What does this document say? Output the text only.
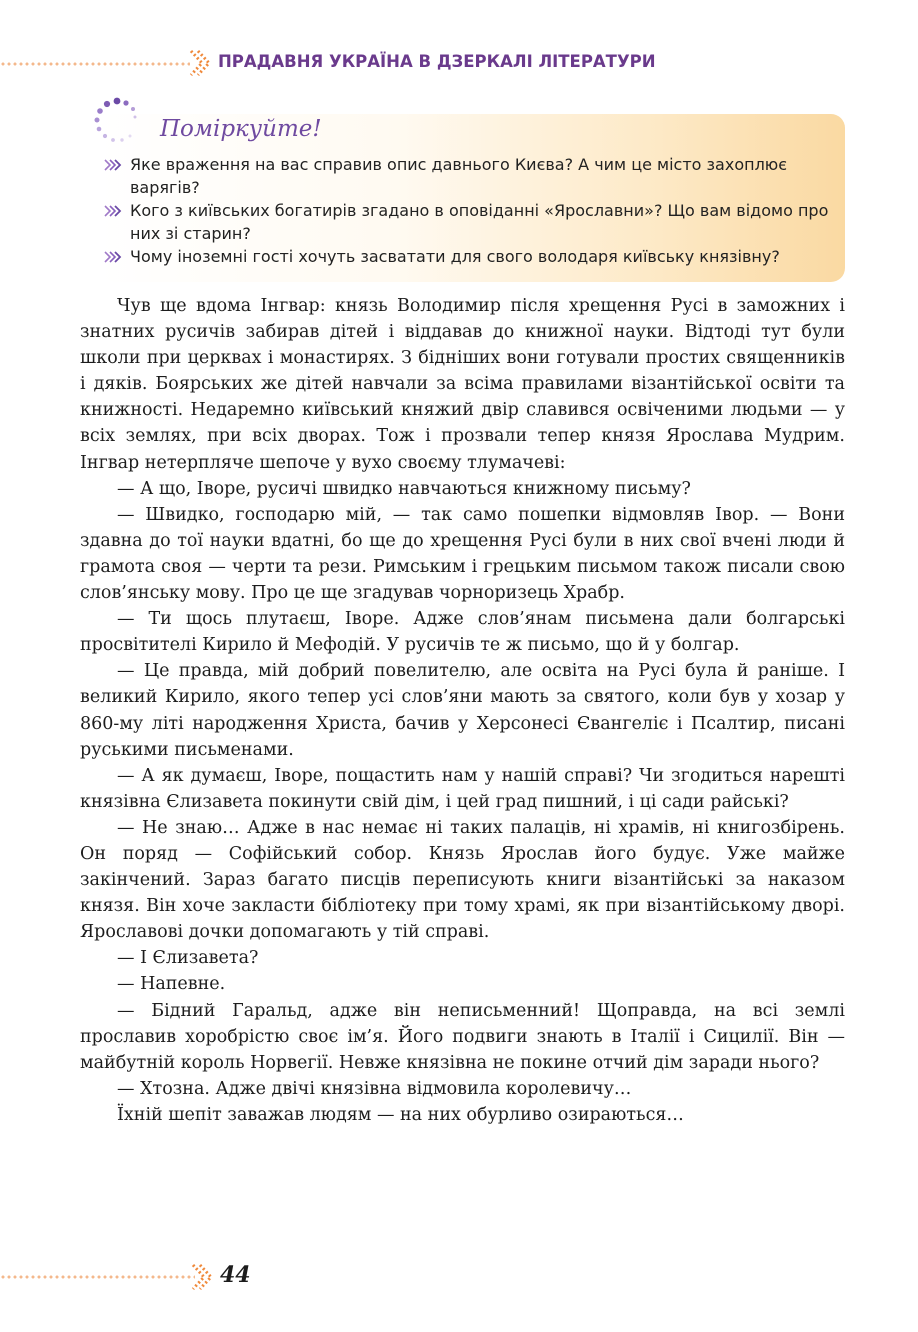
ПРАДАВНЯ УКРАЇНА В ДЗЕРКАЛІ ЛІТЕРАТУРИ
Поміркуйте!
Яке враження на вас справив опис давнього Києва? А чим це місто захоплює варягів?
Кого з київських богатирів згадано в оповіданні «Ярославни»? Що вам відомо про них зі старин?
Чому іноземні гості хочуть засватати для свого володаря київську князівну?

Чув ще вдома Інгвар: князь Володимир після хрещення Русі в заможних і знатних русичів забирав дітей і віддавав до книжної науки. Відтоді тут були школи при церквах і монастирях. З бідніших вони готували простих священників і дяків. Боярських же дітей навчали за всіма правилами візантійської освіти та книжності. Недаремно київський княжий двір славився освіченими людьми — у всіх землях, при всіх дворах. Тож і прозвали тепер князя Ярослава Мудрим. Інгвар нетерпляче шепоче у вухо своєму тлумачеві:

— А що, Іворе, русичі швидко навчаються книжному письму?

— Швидко, господарю мій, — так само пошепки відмовляв Івор. — Вони здавна до тої науки вдатні, бо ще до хрещення Русі були в них свої вчені люди й грамота своя — черти та рези. Римським і грецьким письмом також писали свою слов’янську мову. Про це ще згадував чорноризець Храбр.

— Ти щось плутаєш, Іворе. Адже слов’янам письмена дали болгарські просвітителі Кирило й Мефодій. У русичів те ж письмо, що й у болгар.

— Це правда, мій добрий повелителю, але освіта на Русі була й раніше. І великий Кирило, якого тепер усі слов’яни мають за святого, коли був у хозар у 860-му літі народження Христа, бачив у Херсонесі Євангеліє і Псалтир, писані руськими письменами.

— А як думаєш, Іворе, пощастить нам у нашій справі? Чи згодиться нарешті князівна Єлизавета покинути свій дім, і цей град пишний, і ці сади райські?

— Не знаю… Адже в нас немає ні таких палаців, ні храмів, ні книгозбірень. Он поряд — Софійський собор. Князь Ярослав його будує. Уже майже закінчений. Зараз багато писців переписують книги візантійські за наказом князя. Він хоче закласти бібліотеку при тому храмі, як при візантійському дворі. Ярославові дочки допомагають у тій справі.

— І Єлизавета?

— Напевне.

— Бідний Гаральд, адже він неписьменний! Щоправда, на всі землі прославив хоробрістю своє ім’я. Його подвиги знають в Італії і Сицилії. Він — майбутній король Норвегії. Невже князівна не покине отчий дім заради нього?

— Хтозна. Адже двічі князівна відмовила королевичу…

Їхній шепіт заважав людям — на них обурливо озираються…

44
